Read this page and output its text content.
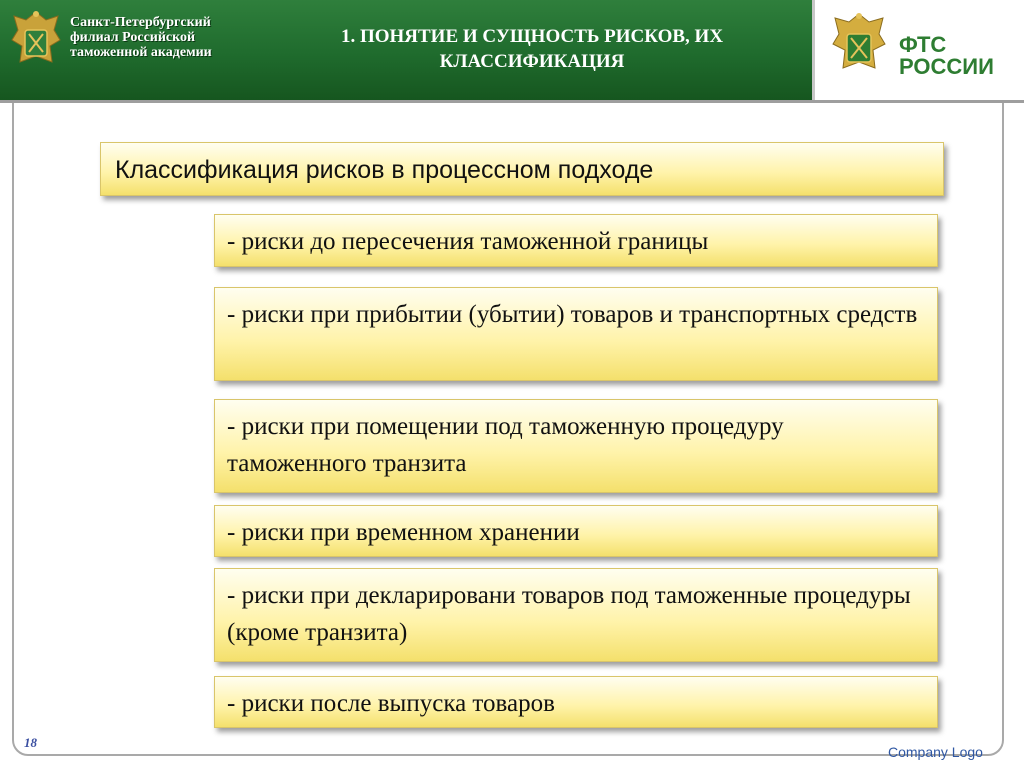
Санкт-Петербургский
филиал Российской
таможенной академии
1. ПОНЯТИЕ И СУЩНОСТЬ РИСКОВ, ИХ КЛАССИФИКАЦИЯ
ФТС
РОССИИ
Классификация рисков в процессном подходе
- риски до пересечения таможенной границы
- риски при прибытии (убытии) товаров и транспортных средств
- риски при помещении под таможенную процедуру таможенного транзита
- риски при временном хранении
- риски при декларировани товаров под таможенные процедуры (кроме транзита)
- риски после выпуска товаров
18
Company Logo
